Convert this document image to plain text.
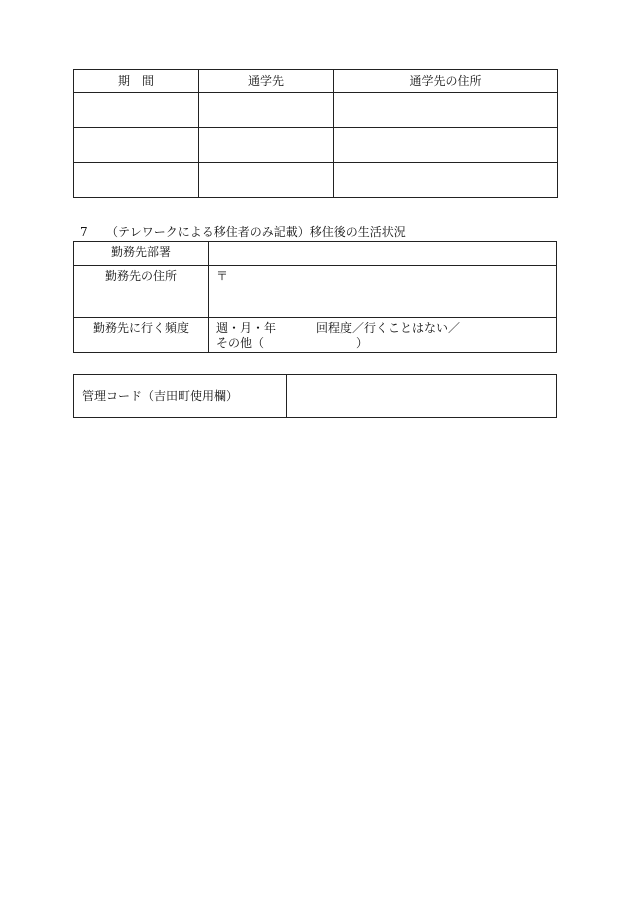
期　間	通学先	通学先の住所

7 （テレワークによる移住者のみ記載）移住後の生活状況
勤務先部署	
勤務先の住所	〒
勤務先に行く頻度	週・月・年 回程度／行くことはない／
その他（ ）
管理コード（吉田町使用欄）	
